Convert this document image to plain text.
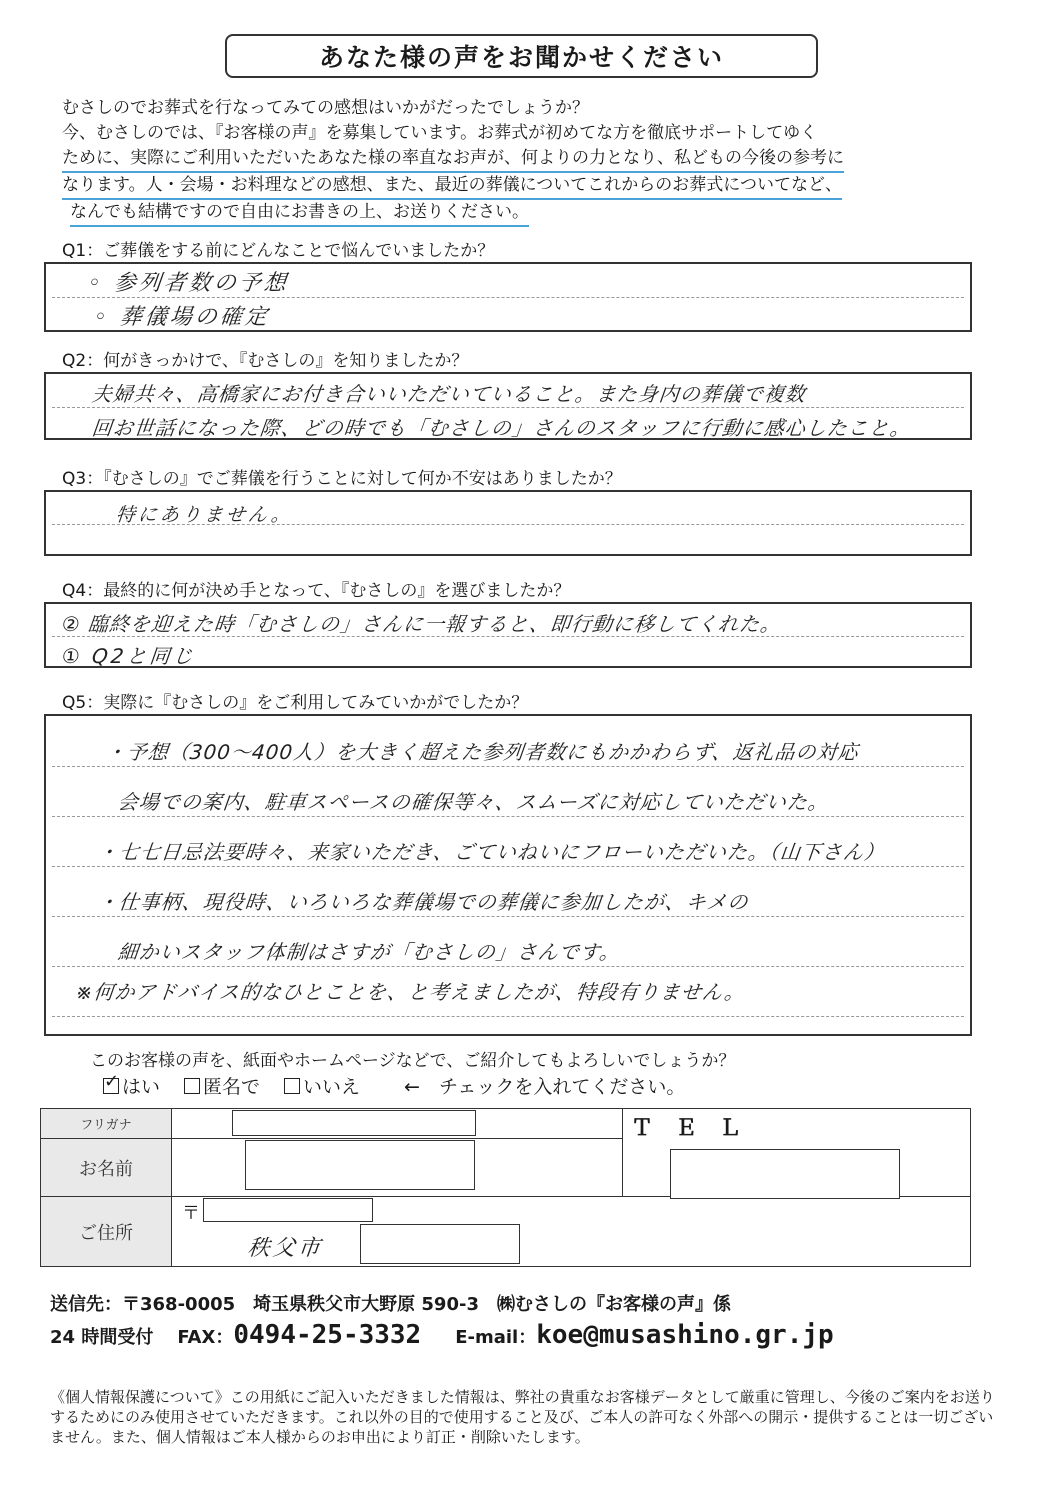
あなた様の声をお聞かせください
むさしのでお葬式を行なってみての感想はいかがだったでしょうか？
今、むさしのでは、『お客様の声』を募集しています。お葬式が初めてな方を徹底サポートしてゆく
ために、実際にご利用いただいたあなた様の率直なお声が、何よりの力となり、私どもの今後の参考に なります。人・会場・お料理などの感想、また、最近の葬儀についてこれからのお葬式についてなど、 なんでも結構ですので自由にお書きの上、お送りください。
Q1：ご葬儀をする前にどんなことで悩んでいましたか？
◦ 参列者数の予想
◦ 葬儀場の確定
Q2：何がきっかけで、『むさしの』を知りましたか？
夫婦共々、高橋家にお付き合いいただいていること。また身内の葬儀で複数
回お世話になった際、どの時でも「むさしの」さんのスタッフに行動に感心したこと。
Q3：『むさしの』でご葬儀を行うことに対して何か不安はありましたか？
特にありません。
Q4：最終的に何が決め手となって、『むさしの』を選びましたか？
② 臨終を迎えた時「むさしの」さんに一報すると、即行動に移してくれた。
① Q2と同じ
Q5：実際に『むさしの』をご利用してみていかがでしたか？
・予想（300〜400人）を大きく超えた参列者数にもかかわらず、返礼品の対応
会場での案内、駐車スペースの確保等々、スムーズに対応していただいた。
・七七日忌法要時々、来家いただき、ごていねいにフローいただいた。（山下さん）
・仕事柄、現役時、いろいろな葬儀場での葬儀に参加したが、キメの
細かいスタッフ体制はさすが「むさしの」さんです。
※何かアドバイス的なひとことを、と考えましたが、特段有りません。
このお客様の声を、紙面やホームページなどで、ご紹介してもよろしいでしょうか？
✓はい	匿名で	いいえ ←　チェックを入れてください。
フリガナ		Ｔ　Ｅ　Ｌ

お名前		
ご住所	〒
秩父市	
送信先：〒368-0005　埼玉県秩父市大野原 590-3　㈱むさしの『お客様の声』係
24 時間受付 FAX： 0494-25-3332 E-mail： koe@musashino.gr.jp
《個人情報保護について》この用紙にご記入いただきました情報は、弊社の貴重なお客様データとして厳重に管理し、今後のご案内をお送りするためにのみ使用させていただきます。これ以外の目的で使用すること及び、ご本人の許可なく外部への開示・提供することは一切ございません。また、個人情報はご本人様からのお申出により訂正・削除いたします。
